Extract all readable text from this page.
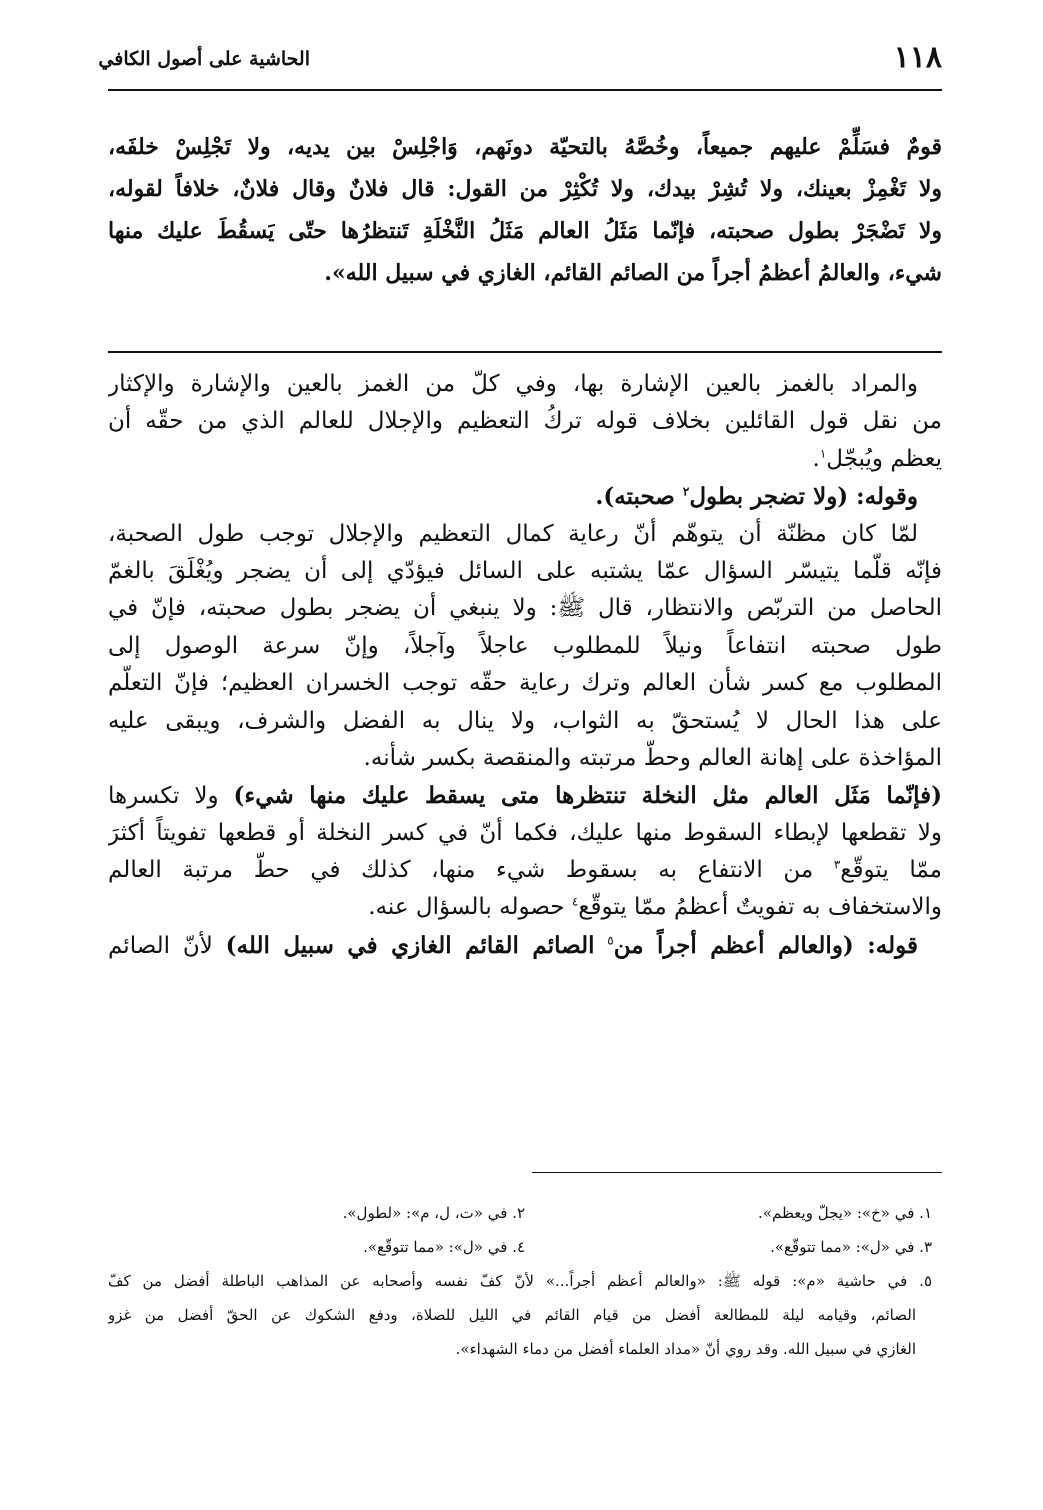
١١٨
الحاشية على أصول الكافي
قومٌ فسَلِّمْ عليهم جميعاً، وخُصَّهُ بالتحيّة دونَهم، وَاجْلِسْ بين يديه، ولا تَجْلِسْ خلفَه،
ولا تَغْمِزْ بعينك، ولا تُشِرْ بيدك، ولا تُكْثِرْ من القول: قال فلانٌ وقال فلانٌ، خلافاً لقوله،
ولا تَضْجَرْ بطول صحبته، فإنّما مَثَلُ العالم مَثَلُ النَّخْلَةِ تَنتظرُها حتّى يَسقُطَ عليك منها
شيء، والعالمُ أعظمُ أجراً من الصائم القائم، الغازي في سبيل الله».
والمراد بالغمز بالعين الإشارة بها، وفي كلّ من الغمز بالعين والإشارة والإكثار
من نقل قول القائلين بخلاف قوله تركُ التعظيم والإجلال للعالم الذي من حقّه أن
يعظم ويُبجّل$^١$.
وقوله: (ولا تضجر بطول$^٢$ صحبته).
لمّا كان مظنّة أن يتوهّم أنّ رعاية كمال التعظيم والإجلال توجب طول الصحبة،
فإنّه قلّما يتيسّر السؤال عمّا يشتبه على السائل فيؤدّي إلى أن يضجر ويُغْلَقَ بالغمّ
الحاصل من التربّص والانتظار، قال ﷺ: ولا ينبغي أن يضجر بطول صحبته، فإنّ في
طول صحبته انتفاعاً ونيلاً للمطلوب عاجلاً وآجلاً، وإنّ سرعة الوصول إلى
المطلوب مع كسر شأن العالم وترك رعاية حقّه توجب الخسران العظيم؛ فإنّ التعلّم
على هذا الحال لا يُستحقّ به الثواب، ولا ينال به الفضل والشرف، ويبقى عليه
المؤاخذة على إهانة العالم وحطّ مرتبته والمنقصة بكسر شأنه.
(فإنّما مَثَل العالم مثل النخلة تنتظرها متى يسقط عليك منها شيء) ولا تكسرها
ولا تقطعها لإبطاء السقوط منها عليك، فكما أنّ في كسر النخلة أو قطعها تفويتاً أكثرَ
ممّا يتوقّع$^٣$ من الانتفاع به بسقوط شيء منها، كذلك في حطّ مرتبة العالم
والاستخفاف به تفويتٌ أعظمُ ممّا يتوقّع$^٤$ حصوله بالسؤال عنه.
قوله: (والعالم أعظم أجراً من$^٥$ الصائم القائم الغازي في سبيل الله) لأنّ الصائم
١. في «خ»: «يجلّ ويعظم».
٢. في «ت، ل، م»: «لطول».
٣. في «ل»: «مما تتوقّع».
٤. في «ل»: «مما تتوقّع».
٥. في حاشية «م»: قوله ﷺ: «والعالم أعظم أجراً...» لأنّ كفّ نفسه وأصحابه عن المذاهب الباطلة أفضل من كفّ
الصائم، وقيامه ليلة للمطالعة أفضل من قيام القائم في الليل للصلاة، ودفع الشكوك عن الحقّ أفضل من غزو
الغازي في سبيل الله. وقد روي أنّ «مداد العلماء أفضل من دماء الشهداء».
